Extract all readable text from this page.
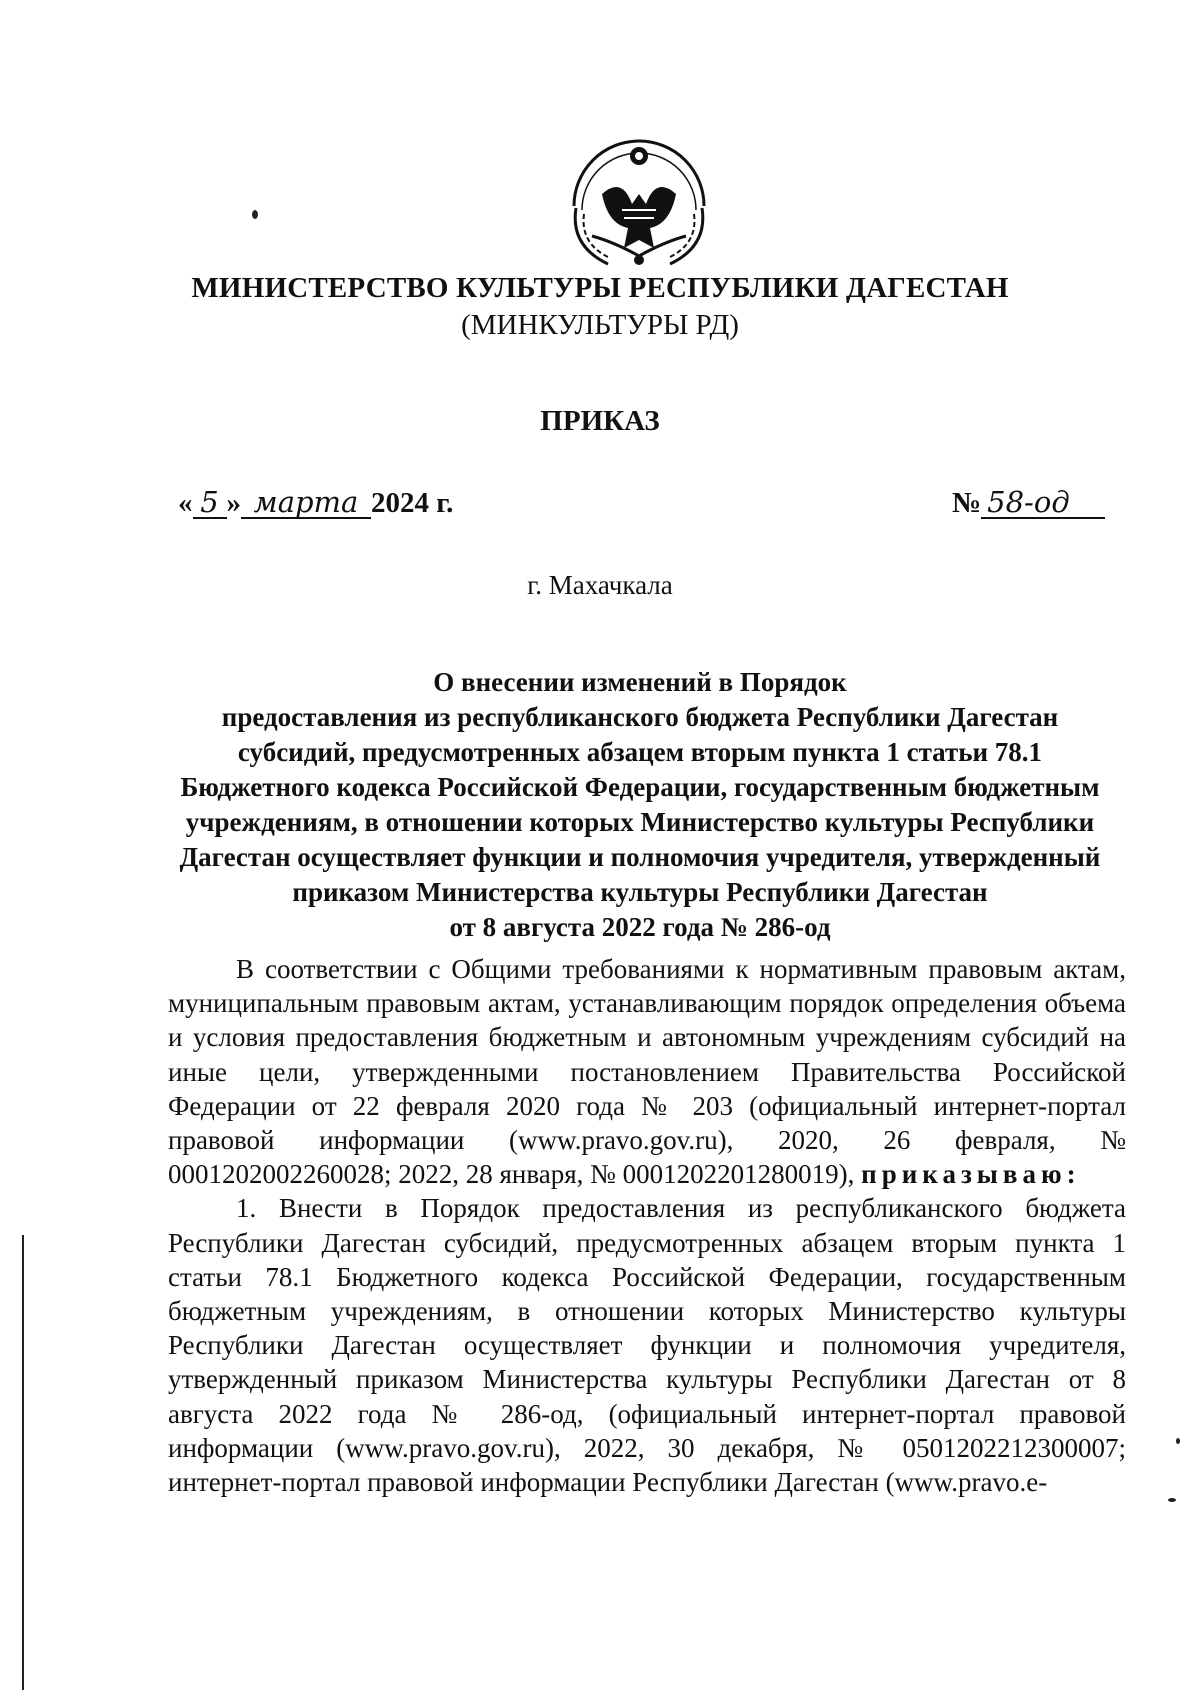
МИНИСТЕРСТВО КУЛЬТУРЫ РЕСПУБЛИКИ ДАГЕСТАН
(МИНКУЛЬТУРЫ РД)
ПРИКАЗ
« 5 » марта 2024 г.	№ 58-од
г. Махачкала
О внесении изменений в Порядок
предоставления из республиканского бюджета Республики Дагестан
субсидий, предусмотренных абзацем вторым пункта 1 статьи 78.1
Бюджетного кодекса Российской Федерации, государственным бюджетным
учреждениям, в отношении которых Министерство культуры Республики
Дагестан осуществляет функции и полномочия учредителя, утвержденный
приказом Министерства культуры Республики Дагестан
от 8 августа 2022 года № 286-од

В соответствии с Общими требованиями к нормативным правовым актам, муниципальным правовым актам, устанавливающим порядок определения объема и условия предоставления бюджетным и автономным учреждениям субсидий на иные цели, утвержденными постановлением Правительства Российской Федерации от 22 февраля 2020 года № 203 (официальный интернет-портал правовой информации (www.pravo.gov.ru), 2020, 26 февраля, № 0001202002260028; 2022, 28 января, № 0001202201280019), приказываю:

1. Внести в Порядок предоставления из республиканского бюджета Республики Дагестан субсидий, предусмотренных абзацем вторым пункта 1 статьи 78.1 Бюджетного кодекса Российской Федерации, государственным бюджетным учреждениям, в отношении которых Министерство культуры Республики Дагестан осуществляет функции и полномочия учредителя, утвержденный приказом Министерства культуры Республики Дагестан от 8 августа 2022 года № 286-од, (официальный интернет-портал правовой информации (www.pravo.gov.ru), 2022, 30 декабря, № 0501202212300007; интернет-портал правовой информации Республики Дагестан (www.pravo.e-
